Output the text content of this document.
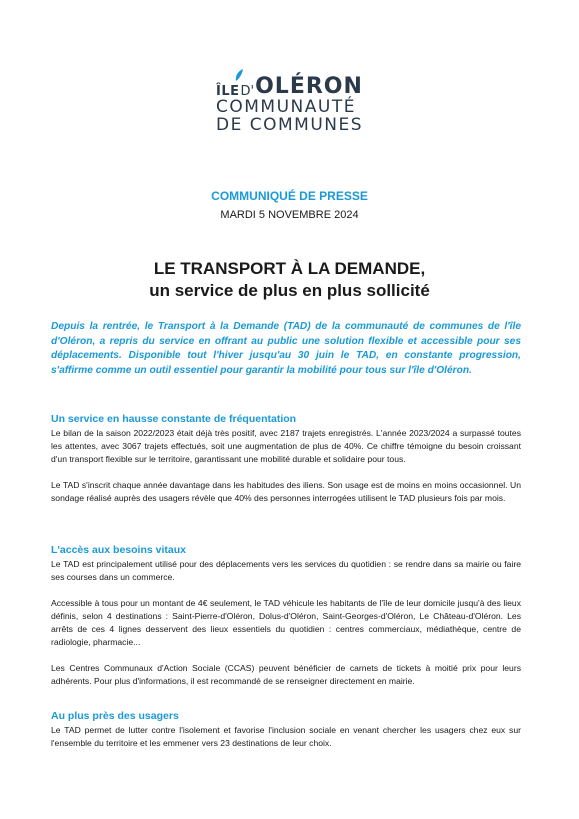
ÎLE D' OLÉRON
COMMUNAUTÉ
DE COMMUNES
COMMUNIQUÉ DE PRESSE
MARDI 5 NOVEMBRE 2024
LE TRANSPORT À LA DEMANDE,
un service de plus en plus sollicité
Depuis la rentrée, le Transport à la Demande (TAD) de la communauté de communes de l'île d'Oléron, a repris du service en offrant au public une solution flexible et accessible pour ses déplacements. Disponible tout l'hiver jusqu'au 30 juin le TAD, en constante progression, s'affirme comme un outil essentiel pour garantir la mobilité pour tous sur l'île d'Oléron.
Un service en hausse constante de fréquentation

Le bilan de la saison 2022/2023 était déjà très positif, avec 2187 trajets enregistrés. L'année 2023/2024 a surpassé toutes les attentes, avec 3067 trajets effectués, soit une augmentation de plus de 40%. Ce chiffre témoigne du besoin croissant d'un transport flexible sur le territoire, garantissant une mobilité durable et solidaire pour tous.

Le TAD s'inscrit chaque année davantage dans les habitudes des iliens. Son usage est de moins en moins occasionnel. Un sondage réalisé auprès des usagers révèle que 40% des personnes interrogées utilisent le TAD plusieurs fois par mois.

L'accès aux besoins vitaux

Le TAD est principalement utilisé pour des déplacements vers les services du quotidien : se rendre dans sa mairie ou faire ses courses dans un commerce.

Accessible à tous pour un montant de 4€ seulement, le TAD véhicule les habitants de l'île de leur domicile jusqu'à des lieux définis, selon 4 destinations : Saint-Pierre-d'Oléron, Dolus-d'Oléron, Saint-Georges-d'Oléron, Le Château-d'Oléron. Les arrêts de ces 4 lignes desservent des lieux essentiels du quotidien : centres commerciaux, médiathèque, centre de radiologie, pharmacie...

Les Centres Communaux d'Action Sociale (CCAS) peuvent bénéficier de carnets de tickets à moitié prix pour leurs adhérents. Pour plus d'informations, il est recommandé de se renseigner directement en mairie.

Au plus près des usagers

Le TAD permet de lutter contre l'isolement et favorise l'inclusion sociale en venant chercher les usagers chez eux sur l'ensemble du territoire et les emmener vers 23 destinations de leur choix.
